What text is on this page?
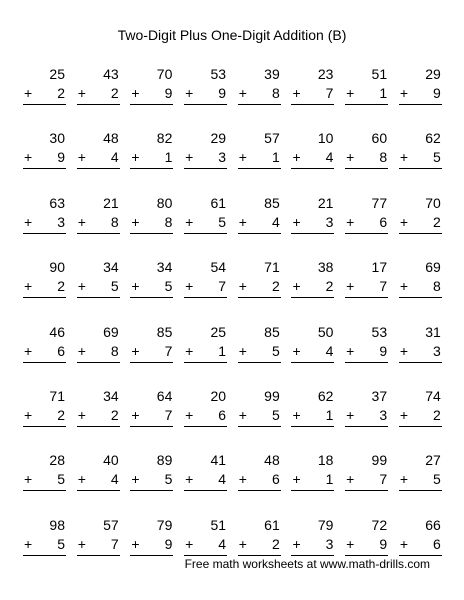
Two-Digit Plus One-Digit Addition (B)
25
+ 2
43
+ 2
70
+ 9
53
+ 9
39
+ 8
23
+ 7
51
+ 1
29
+ 9
30
+ 9
48
+ 4
82
+ 1
29
+ 3
57
+ 1
10
+ 4
60
+ 8
62
+ 5
63
+ 3
21
+ 8
80
+ 8
61
+ 5
85
+ 4
21
+ 3
77
+ 6
70
+ 2
90
+ 2
34
+ 5
34
+ 5
54
+ 7
71
+ 2
38
+ 2
17
+ 7
69
+ 8
46
+ 6
69
+ 8
85
+ 7
25
+ 1
85
+ 5
50
+ 4
53
+ 9
31
+ 3
71
+ 2
34
+ 2
64
+ 7
20
+ 6
99
+ 5
62
+ 1
37
+ 3
74
+ 2
28
+ 5
40
+ 4
89
+ 5
41
+ 4
48
+ 6
18
+ 1
99
+ 7
27
+ 5
98
+ 5
57
+ 7
79
+ 9
51
+ 4
61
+ 2
79
+ 3
72
+ 9
66
+ 6
Free math worksheets at www.math-drills.com
